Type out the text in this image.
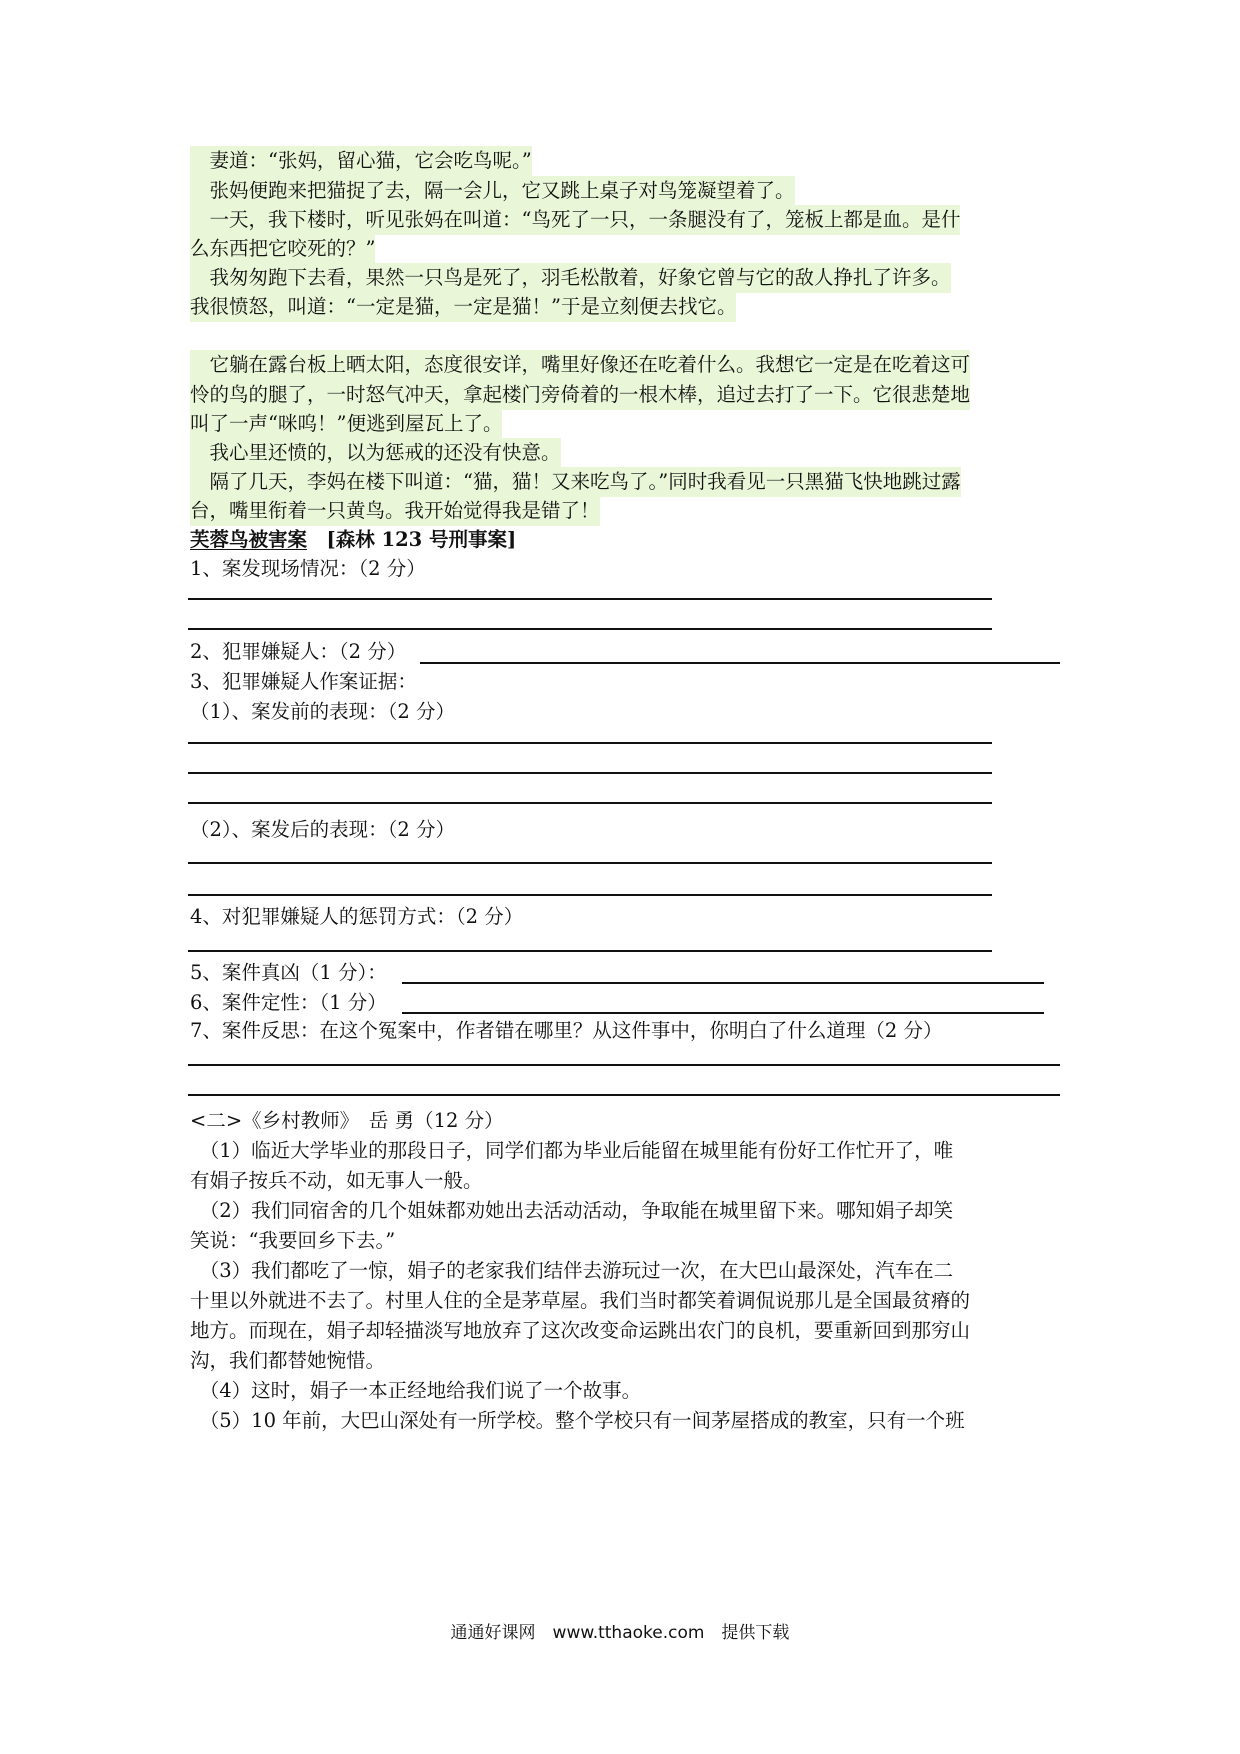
　妻道：“张妈，留心猫，它会吃鸟呢。”
　张妈便跑来把猫捉了去，隔一会儿，它又跳上桌子对鸟笼凝望着了。
　一天，我下楼时，听见张妈在叫道：“鸟死了一只，一条腿没有了，笼板上都是血。是什
么东西把它咬死的？”
　我匆匆跑下去看，果然一只鸟是死了，羽毛松散着，好象它曾与它的敌人挣扎了许多。
我很愤怒，叫道：“一定是猫，一定是猫！”于是立刻便去找它。
　它躺在露台板上晒太阳，态度很安详，嘴里好像还在吃着什么。我想它一定是在吃着这可
怜的鸟的腿了，一时怒气冲天，拿起楼门旁倚着的一根木棒，追过去打了一下。它很悲楚地
叫了一声“咪呜！”便逃到屋瓦上了。
　我心里还愤的，以为惩戒的还没有快意。
　隔了几天，李妈在楼下叫道：“猫，猫！又来吃鸟了。”同时我看见一只黑猫飞快地跳过露
台，嘴里衔着一只黄鸟。我开始觉得我是错了！
芙蓉鸟被害案　 [森林 123 号刑事案]
1、案发现场情况：（2 分）
2、犯罪嫌疑人：（2 分）
3、犯罪嫌疑人作案证据：
（1）、案发前的表现：（2 分）
（2）、案发后的表现：（2 分）
4、对犯罪嫌疑人的惩罚方式：（2 分）
5、案件真凶（1 分）：
6、案件定性：（1 分）
7、案件反思：在这个冤案中，作者错在哪里？从这件事中，你明白了什么道理（2 分）
<二>《乡村教师》　岳 勇（12 分）
　（1）临近大学毕业的那段日子，同学们都为毕业后能留在城里能有份好工作忙开了，唯
有娟子按兵不动，如无事人一般。
　（2）我们同宿舍的几个姐妹都劝她出去活动活动，争取能在城里留下来。哪知娟子却笑
笑说：“我要回乡下去。”
　（3）我们都吃了一惊，娟子的老家我们结伴去游玩过一次，在大巴山最深处，汽车在二
十里以外就进不去了。村里人住的全是茅草屋。我们当时都笑着调侃说那儿是全国最贫瘠的
地方。而现在，娟子却轻描淡写地放弃了这次改变命运跳出农门的良机，要重新回到那穷山
沟，我们都替她惋惜。
　（4）这时，娟子一本正经地给我们说了一个故事。
　（5）10 年前，大巴山深处有一所学校。整个学校只有一间茅屋搭成的教室，只有一个班
通通好课网　www.tthaoke.com　提供下载
